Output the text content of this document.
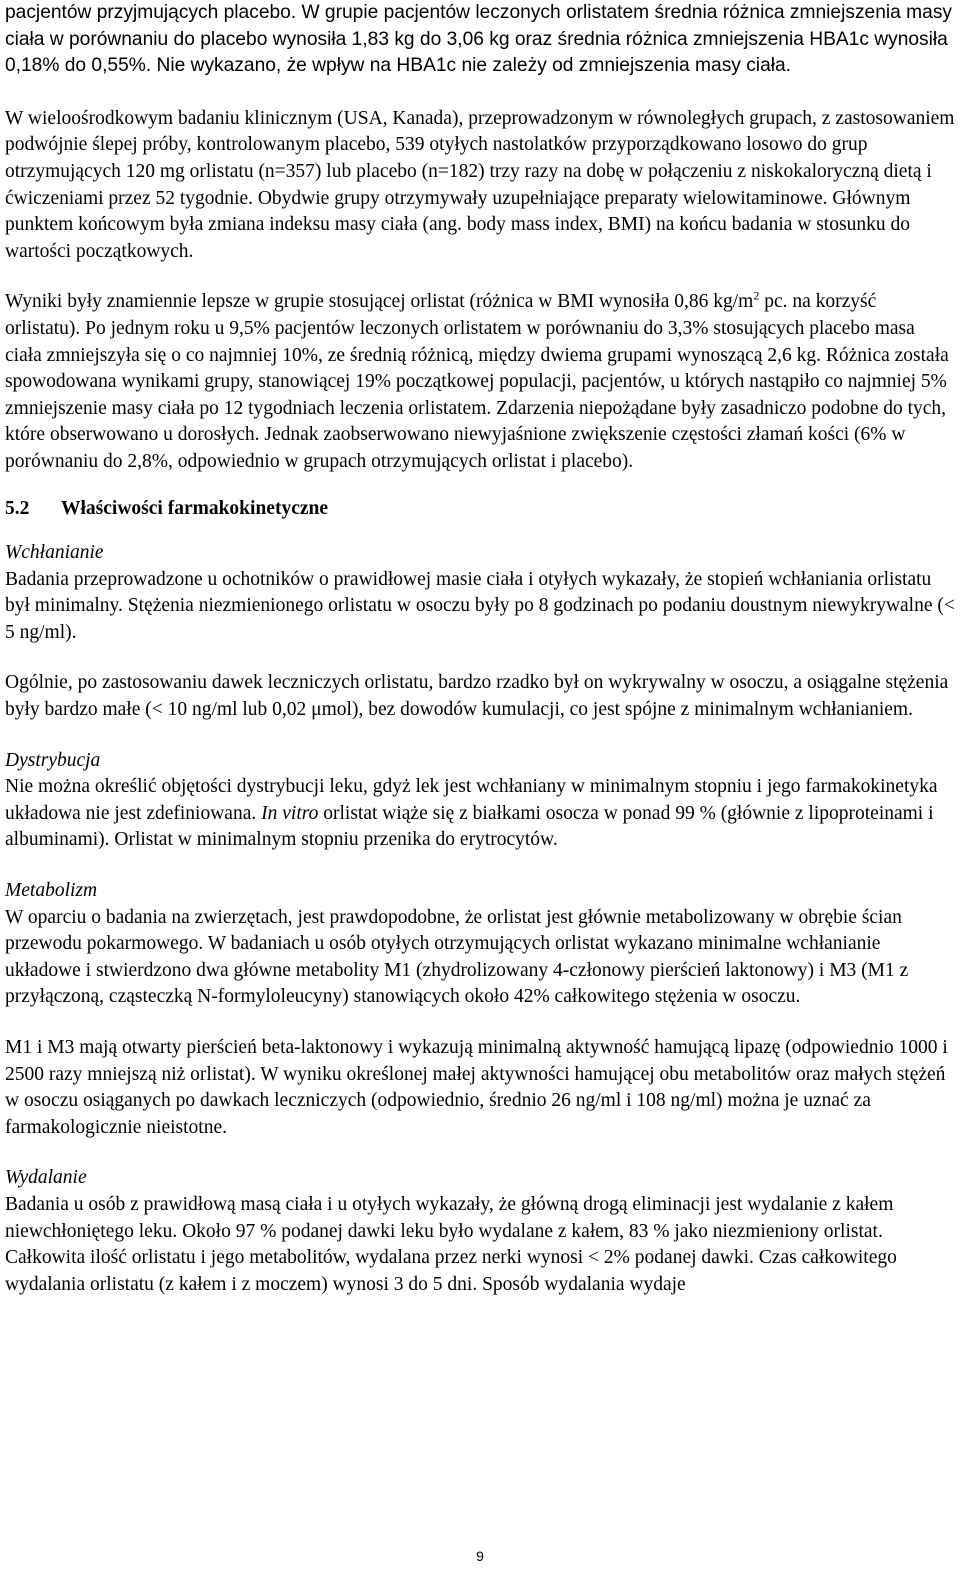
pacjentów przyjmujących placebo. W grupie pacjentów leczonych orlistatem średnia różnica zmniejszenia masy ciała w porównaniu do placebo wynosiła 1,83 kg do 3,06 kg oraz średnia różnica zmniejszenia HBA1c wynosiła 0,18% do 0,55%. Nie wykazano, że wpływ na HBA1c nie zależy od zmniejszenia masy ciała.

W wieloośrodkowym badaniu klinicznym (USA, Kanada), przeprowadzonym w równoległych grupach, z zastosowaniem podwójnie ślepej próby, kontrolowanym placebo, 539 otyłych nastolatków przyporządkowano losowo do grup otrzymujących 120 mg orlistatu (n=357) lub placebo (n=182) trzy razy na dobę w połączeniu z niskokaloryczną dietą i ćwiczeniami przez 52 tygodnie. Obydwie grupy otrzymywały uzupełniające preparaty wielowitaminowe. Głównym punktem końcowym była zmiana indeksu masy ciała (ang. body mass index, BMI) na końcu badania w stosunku do wartości początkowych.

Wyniki były znamiennie lepsze w grupie stosującej orlistat (różnica w BMI wynosiła 0,86 $kg/m^2$ pc. na korzyść orlistatu). Po jednym roku u 9,5% pacjentów leczonych orlistatem w porównaniu do 3,3% stosujących placebo masa ciała zmniejszyła się o co najmniej 10%, ze średnią różnicą, między dwiema grupami wynoszącą 2,6 kg. Różnica została spowodowana wynikami grupy, stanowiącej 19% początkowej populacji, pacjentów, u których nastąpiło co najmniej 5% zmniejszenie masy ciała po 12 tygodniach leczenia orlistatem. Zdarzenia niepożądane były zasadniczo podobne do tych, które obserwowano u dorosłych. Jednak zaobserwowano niewyjaśnione zwiększenie częstości złamań kości (6% w porównaniu do 2,8%, odpowiednio w grupach otrzymujących orlistat i placebo).

5.2 Właściwości farmakokinetyczne

Wchłanianie

Badania przeprowadzone u ochotników o prawidłowej masie ciała i otyłych wykazały, że stopień wchłaniania orlistatu był minimalny. Stężenia niezmienionego orlistatu w osoczu były po 8 godzinach po podaniu doustnym niewykrywalne (< 5 ng/ml).

Ogólnie, po zastosowaniu dawek leczniczych orlistatu, bardzo rzadko był on wykrywalny w osoczu, a osiągalne stężenia były bardzo małe (< 10 ng/ml lub 0,02 μmol), bez dowodów kumulacji, co jest spójne z minimalnym wchłanianiem.

Dystrybucja

Nie można określić objętości dystrybucji leku, gdyż lek jest wchłaniany w minimalnym stopniu i jego farmakokinetyka układowa nie jest zdefiniowana. In vitro orlistat wiąże się z białkami osocza w ponad 99 % (głównie z lipoproteinami i albuminami). Orlistat w minimalnym stopniu przenika do erytrocytów.

Metabolizm

W oparciu o badania na zwierzętach, jest prawdopodobne, że orlistat jest głównie metabolizowany w obrębie ścian przewodu pokarmowego. W badaniach u osób otyłych otrzymujących orlistat wykazano minimalne wchłanianie układowe i stwierdzono dwa główne metabolity M1 (zhydrolizowany 4-członowy pierścień laktonowy) i M3 (M1 z przyłączoną, cząsteczką N-formyloleucyny) stanowiących około 42% całkowitego stężenia w osoczu.

M1 i M3 mają otwarty pierścień beta-laktonowy i wykazują minimalną aktywność hamującą lipazę (odpowiednio 1000 i 2500 razy mniejszą niż orlistat). W wyniku określonej małej aktywności hamującej obu metabolitów oraz małych stężeń w osoczu osiąganych po dawkach leczniczych (odpowiednio, średnio 26 ng/ml i 108 ng/ml) można je uznać za farmakologicznie nieistotne.

Wydalanie

Badania u osób z prawidłową masą ciała i u otyłych wykazały, że główną drogą eliminacji jest wydalanie z kałem niewchłoniętego leku. Około 97 % podanej dawki leku było wydalane z kałem, 83 % jako niezmieniony orlistat.

Całkowita ilość orlistatu i jego metabolitów, wydalana przez nerki wynosi < 2% podanej dawki. Czas całkowitego wydalania orlistatu (z kałem i z moczem) wynosi 3 do 5 dni. Sposób wydalania wydaje

9
